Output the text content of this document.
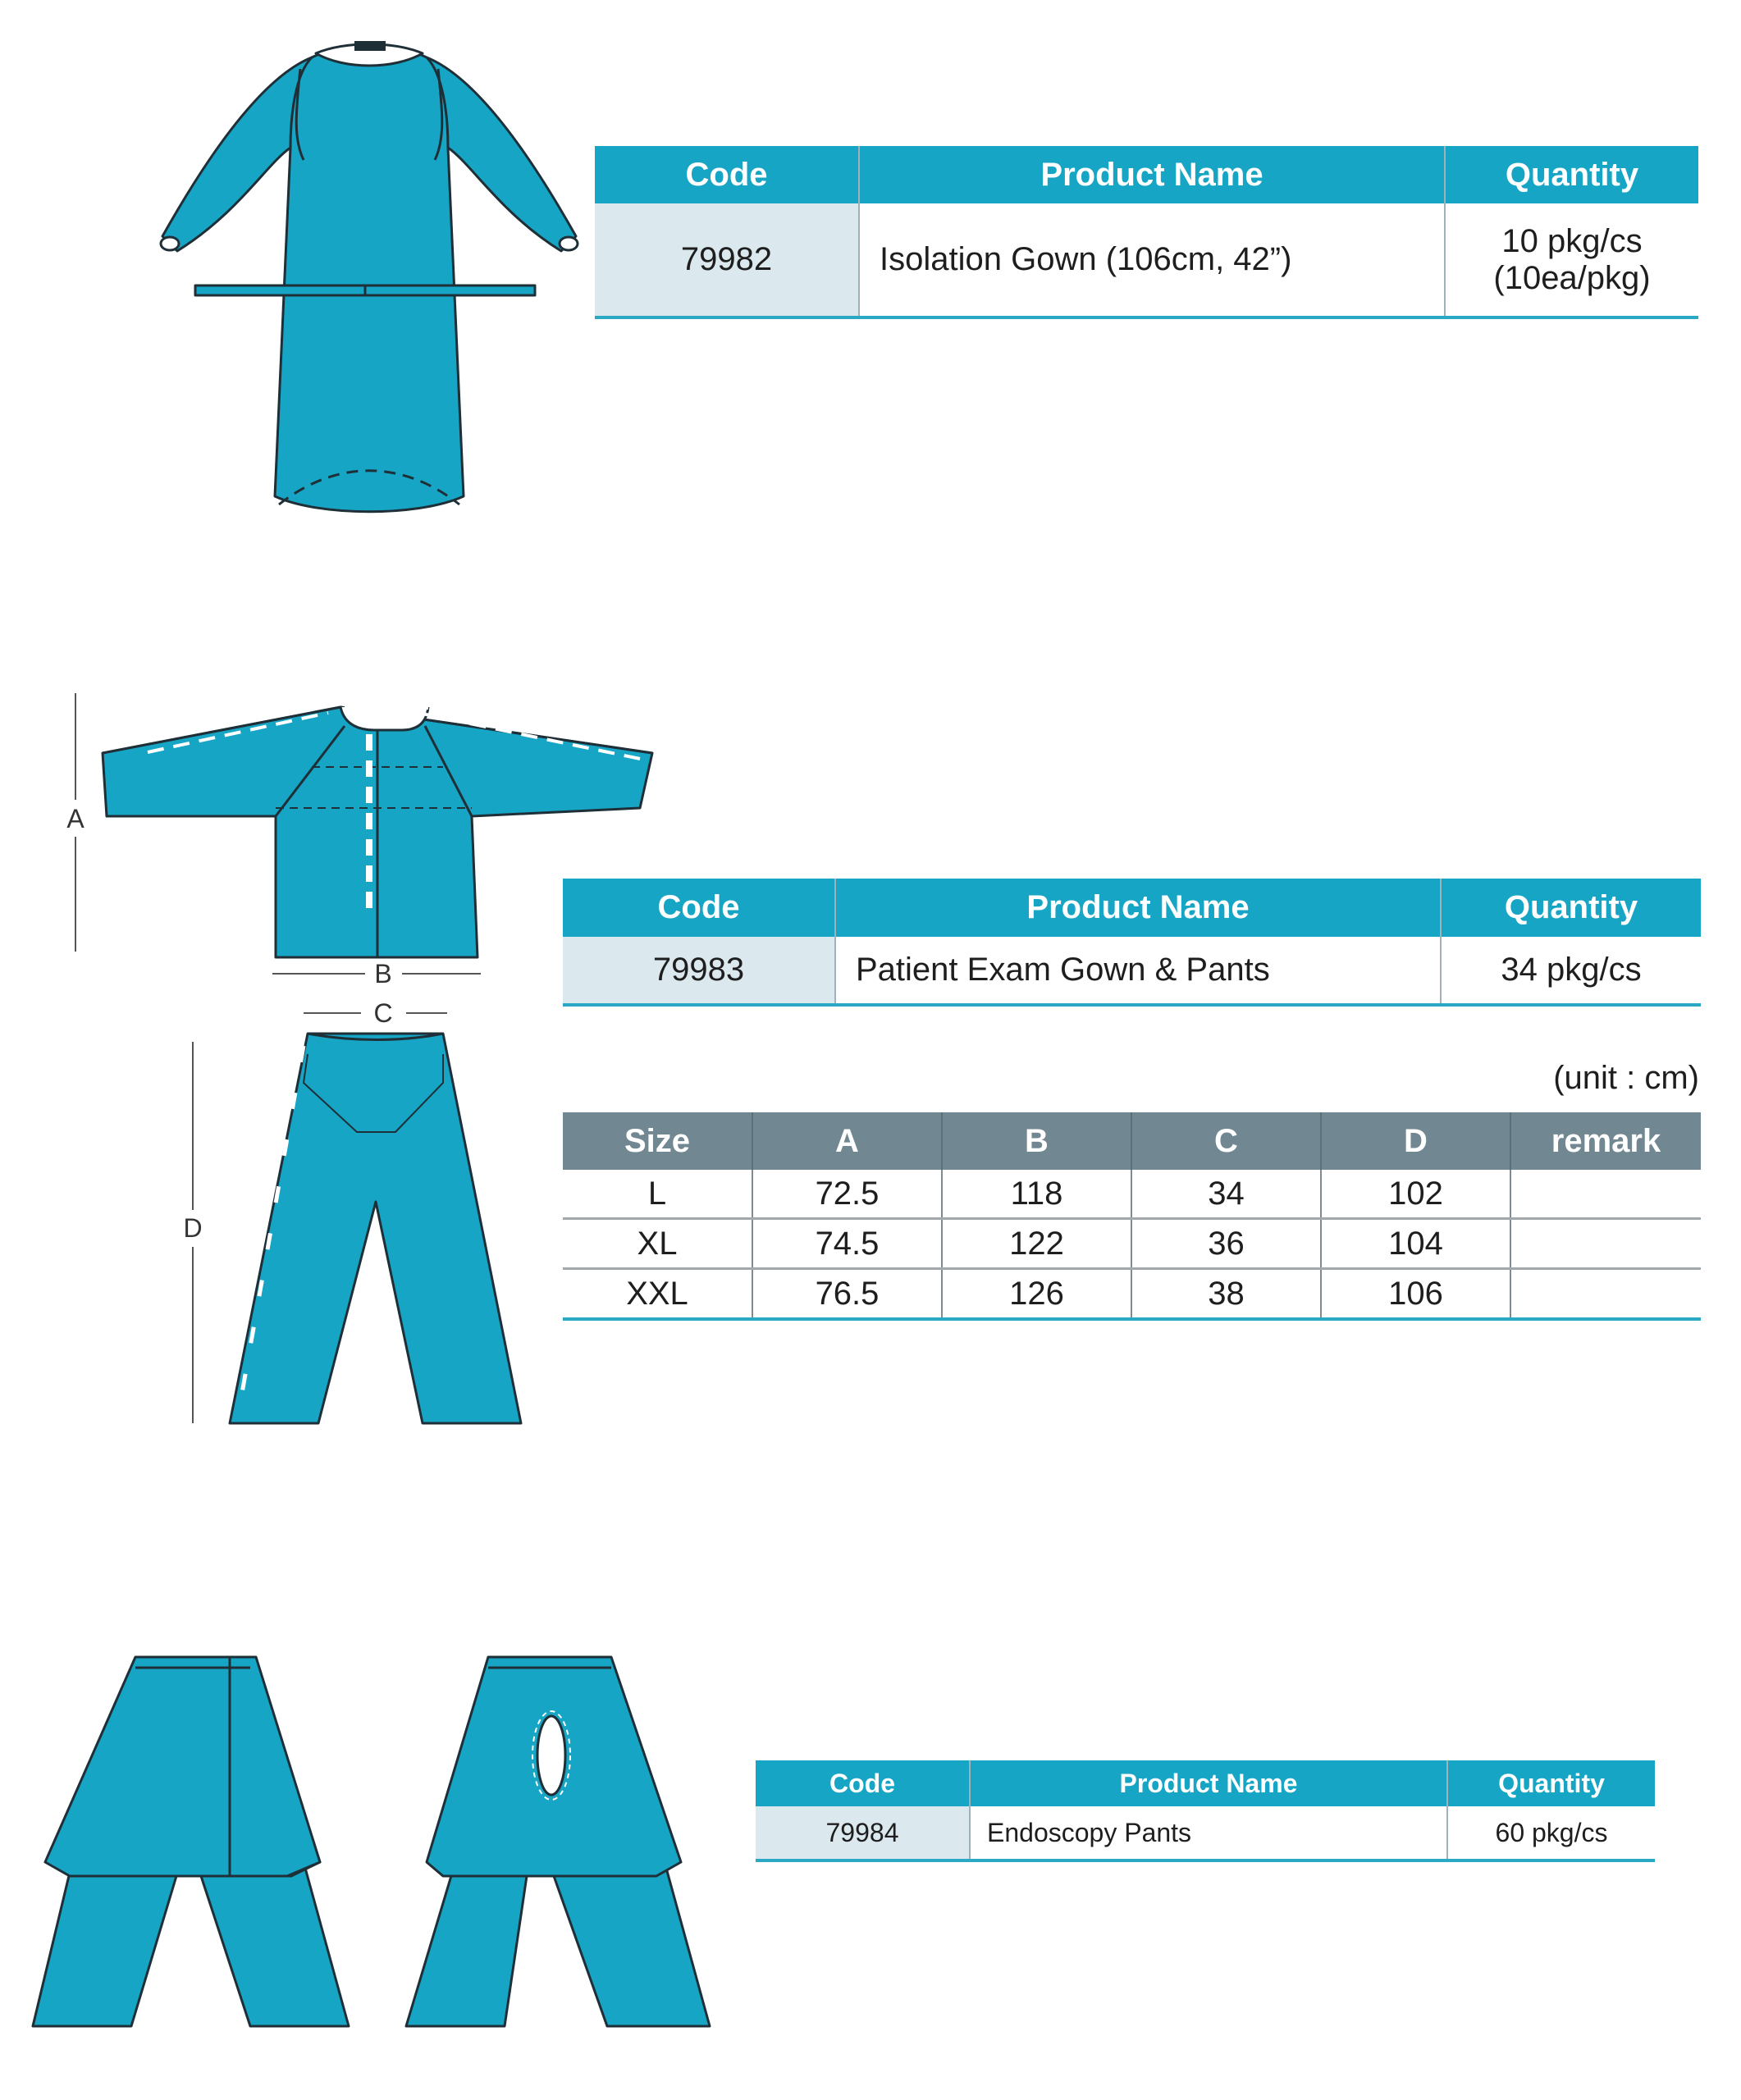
Code	Product Name	Quantity
79982	Isolation Gown (106cm, 42”)	10 pkg/cs
(10ea/pkg)
A
B
C
D
Code	Product Name	Quantity
79983	Patient Exam Gown & Pants	34 pkg/cs
(unit : cm)
Size	A	B	C	D	remark
L	72.5	118	34	102	
XL	74.5	122	36	104	
XXL	76.5	126	38	106	
Code	Product Name	Quantity
79984	Endoscopy Pants	60 pkg/cs
